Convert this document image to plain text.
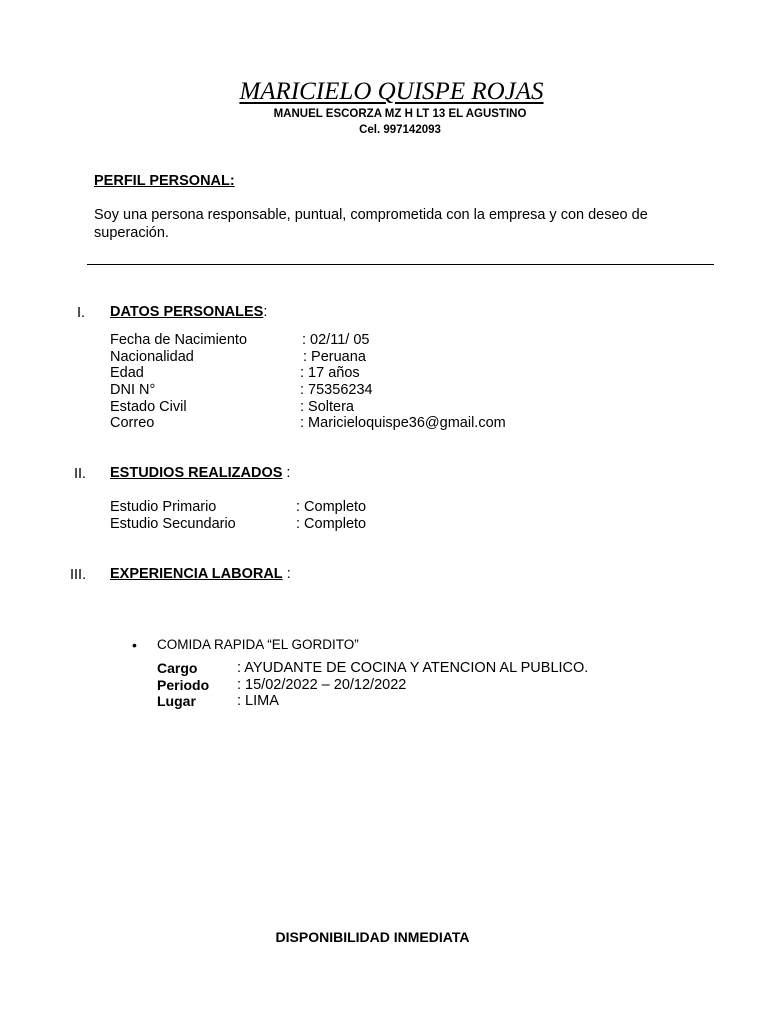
MARICIELO QUISPE ROJAS
MANUEL ESCORZA MZ H LT 13 EL AGUSTINO
Cel. 997142093
PERFIL PERSONAL:
Soy una persona responsable, puntual, comprometida con la empresa y con deseo de superación.
I. DATOS PERSONALES:
Fecha de Nacimiento	: 02/11/ 05
Nacionalidad	: Peruana
Edad	: 17 años
DNI N°	: 75356234
Estado Civil	: Soltera
Correo	: Maricieloquispe36@gmail.com
II. ESTUDIOS REALIZADOS :
Estudio Primario	: Completo
Estudio Secundario	: Completo
III. EXPERIENCIA LABORAL :
• COMIDA RAPIDA “EL GORDITO”
Cargo	: AYUDANTE DE COCINA Y ATENCION AL PUBLICO.
Periodo : 15/02/2022 – 20/12/2022
Lugar	: LIMA
DISPONIBILIDAD INMEDIATA
